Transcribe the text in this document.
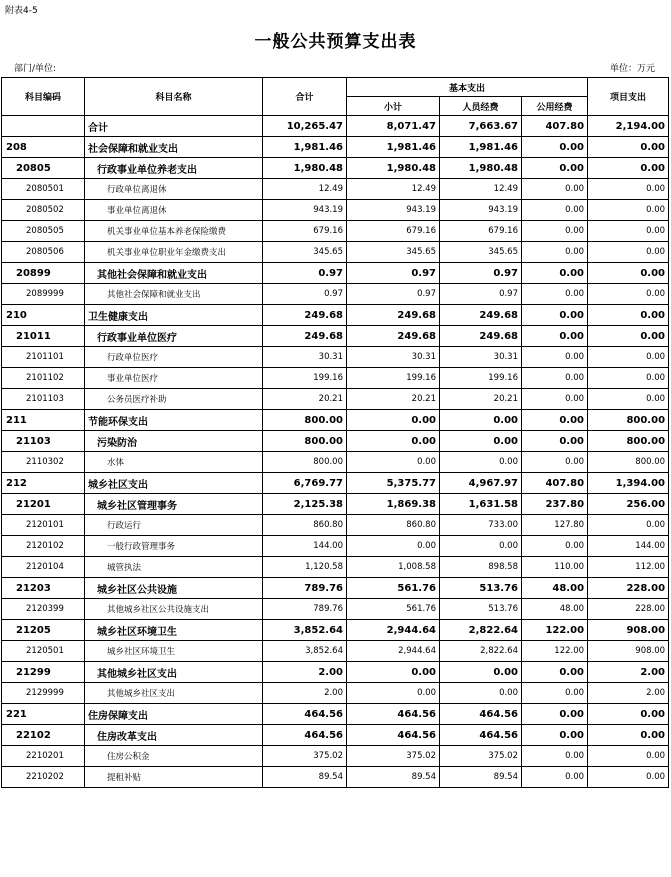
附表4-5
一般公共预算支出表
部门/单位:	单位：万元
科目编码	科目名称	合计	基本支出			项目支出
			小计	人员经费	公用经费	
	合计	10,265.47	8,071.47	7,663.67	407.80	2,194.00
208	社会保障和就业支出	1,981.46	1,981.46	1,981.46	0.00	0.00
20805	行政事业单位养老支出	1,980.48	1,980.48	1,980.48	0.00	0.00
2080501	行政单位离退休	12.49	12.49	12.49	0.00	0.00
2080502	事业单位离退休	943.19	943.19	943.19	0.00	0.00
2080505	机关事业单位基本养老保险缴费	679.16	679.16	679.16	0.00	0.00
2080506	机关事业单位职业年金缴费支出	345.65	345.65	345.65	0.00	0.00
20899	其他社会保障和就业支出	0.97	0.97	0.97	0.00	0.00
2089999	其他社会保障和就业支出	0.97	0.97	0.97	0.00	0.00
210	卫生健康支出	249.68	249.68	249.68	0.00	0.00
21011	行政事业单位医疗	249.68	249.68	249.68	0.00	0.00
2101101	行政单位医疗	30.31	30.31	30.31	0.00	0.00
2101102	事业单位医疗	199.16	199.16	199.16	0.00	0.00
2101103	公务员医疗补助	20.21	20.21	20.21	0.00	0.00
211	节能环保支出	800.00	0.00	0.00	0.00	800.00
21103	污染防治	800.00	0.00	0.00	0.00	800.00
2110302	水体	800.00	0.00	0.00	0.00	800.00
212	城乡社区支出	6,769.77	5,375.77	4,967.97	407.80	1,394.00
21201	城乡社区管理事务	2,125.38	1,869.38	1,631.58	237.80	256.00
2120101	行政运行	860.80	860.80	733.00	127.80	0.00
2120102	一般行政管理事务	144.00	0.00	0.00	0.00	144.00
2120104	城管执法	1,120.58	1,008.58	898.58	110.00	112.00
21203	城乡社区公共设施	789.76	561.76	513.76	48.00	228.00
2120399	其他城乡社区公共设施支出	789.76	561.76	513.76	48.00	228.00
21205	城乡社区环境卫生	3,852.64	2,944.64	2,822.64	122.00	908.00
2120501	城乡社区环境卫生	3,852.64	2,944.64	2,822.64	122.00	908.00
21299	其他城乡社区支出	2.00	0.00	0.00	0.00	2.00
2129999	其他城乡社区支出	2.00	0.00	0.00	0.00	2.00
221	住房保障支出	464.56	464.56	464.56	0.00	0.00
22102	住房改革支出	464.56	464.56	464.56	0.00	0.00
2210201	住房公积金	375.02	375.02	375.02	0.00	0.00
2210202	提租补贴	89.54	89.54	89.54	0.00	0.00
